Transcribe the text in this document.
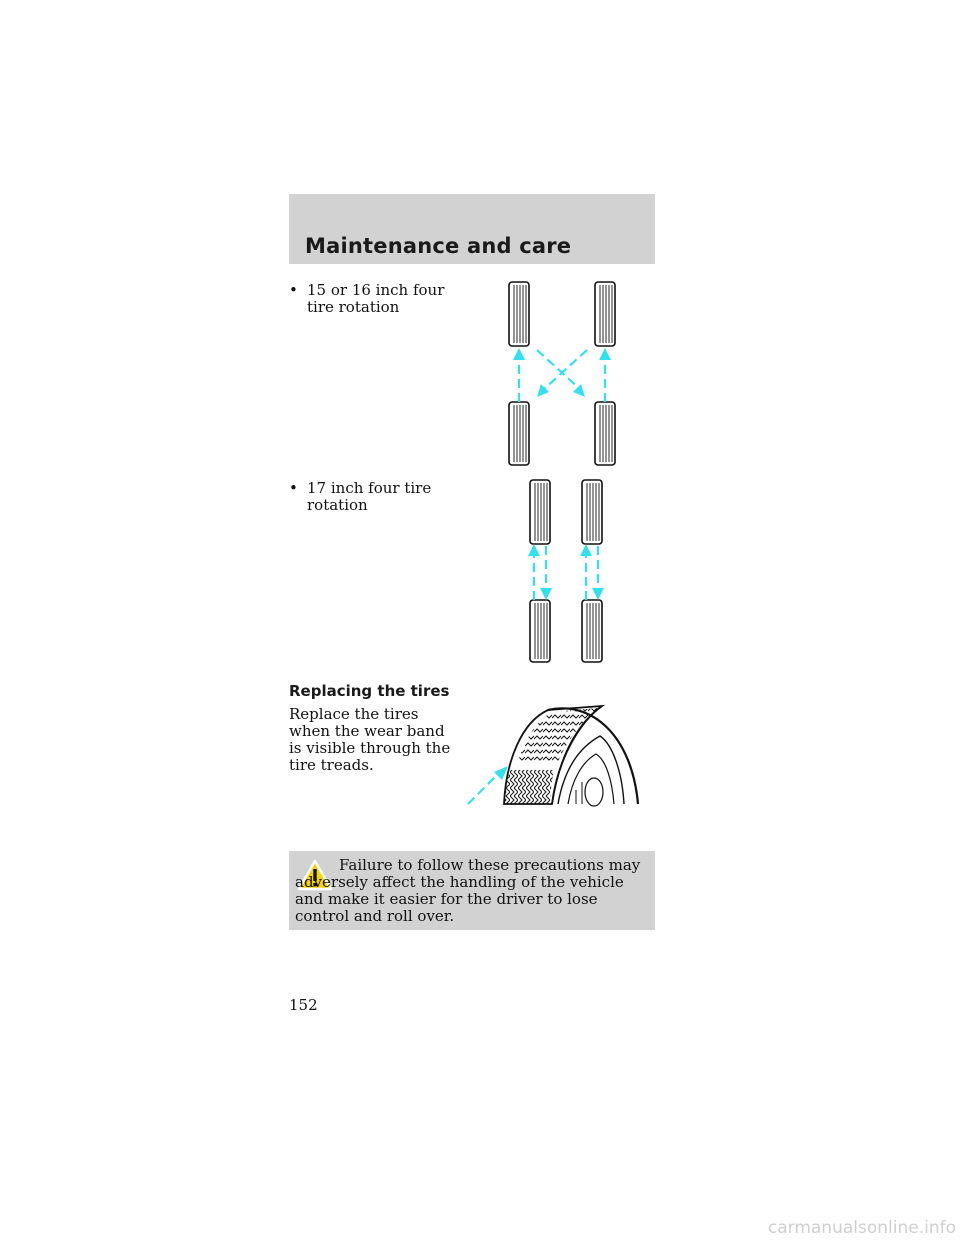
Maintenance and care
• 15 or 16 inch four tire rotation
• 17 inch four tire rotation
Replacing the tires

Replace the tires when the wear band is visible through the tire treads.

Failure to follow these precautions may adversely affect the handling of the vehicle and make it easier for the driver to lose control and roll over.

152

carmanualsonline.info
